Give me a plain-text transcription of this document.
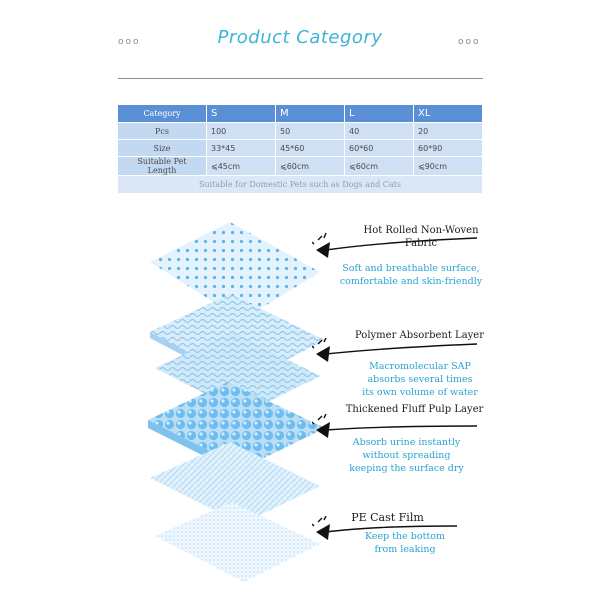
ooo	Product Category	ooo
Category	S	M	L	XL
Pcs	100	50	40	20
Size	33*45	45*60	60*60	60*90
Suitable Pet Length	⩽45cm	⩽60cm	⩽60cm	⩽90cm
Suitable for Domestic Pets such as Dogs and Cats				
Hot Rolled Non-Woven
Fabric
Soft and breathable surface,
comfortable and skin-friendly
Polymer Absorbent Layer
Macromolecular SAP
absorbs several times
its own volume of water
Thickened Fluff Pulp Layer
Absorb urine instantly
without spreading
keeping the surface dry
PE Cast Film
Keep the bottom
from leaking
